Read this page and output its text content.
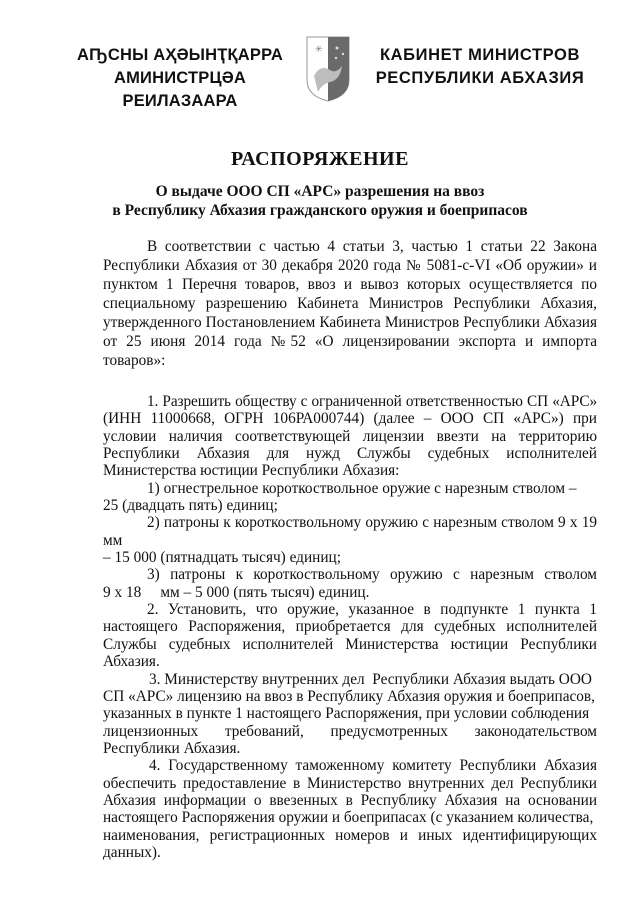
АҦСНЫ АҲӘЫНҬҚАРРА
АМИНИСТРЦӘА РЕИЛАЗААРА
✳	КАБИНЕТ МИНИСТРОВ
РЕСПУБЛИКИ АБХАЗИЯ
РАСПОРЯЖЕНИЕ
О выдаче ООО СП «АРС» разрешения на ввоз
в Республику Абхазия гражданского оружия и боеприпасов
В соответствии с частью 4 статьи 3, частью 1 статьи 22 Закона
Республики Абхазия от 30 декабря 2020 года № 5081-с-VI «Об оружии» и
пунктом 1 Перечня товаров, ввоз и вывоз которых осуществляется по
специальному разрешению Кабинета Министров Республики Абхазия,
утвержденного Постановлением Кабинета Министров Республики Абхазия
от 25 июня 2014 года №52 «О лицензировании экспорта и импорта
товаров»:
1. Разрешить обществу с ограниченной ответственностью СП «АРС»
(ИНН 11000668, ОГРН 106РА000744) (далее – ООО СП «АРС») при
условии наличия соответствующей лицензии ввезти на территорию
Республики Абхазия для нужд Службы судебных исполнителей
Министерства юстиции Республики Абхазия:
1) огнестрельное короткоствольное оружие с нарезным стволом –
25 (двадцать пять) единиц;
2) патроны к короткоствольному оружию с нарезным стволом 9 х 19
мм
– 15 000 (пятнадцать тысяч) единиц;
3) патроны к короткоствольному оружию с нарезным стволом
9 х 18     мм – 5 000 (пять тысяч) единиц.
2. Установить, что оружие, указанное в подпункте 1 пункта 1
настоящего Распоряжения, приобретается для судебных исполнителей
Службы судебных исполнителей Министерства юстиции Республики
Абхазия.
3. Министерству внутренних дел  Республики Абхазия выдать ООО
СП «АРС» лицензию на ввоз в Республику Абхазия оружия и боеприпасов,
указанных в пункте 1 настоящего Распоряжения, при условии соблюдения
лицензионных требований, предусмотренных законодательством
Республики Абхазия.
4. Государственному таможенному комитету Республики Абхазия
обеспечить предоставление в Министерство внутренних дел Республики
Абхазия информации о ввезенных в Республику Абхазия на основании
настоящего Распоряжения оружии и боеприпасах (с указанием количества,
наименования, регистрационных номеров и иных идентифицирующих
данных).
